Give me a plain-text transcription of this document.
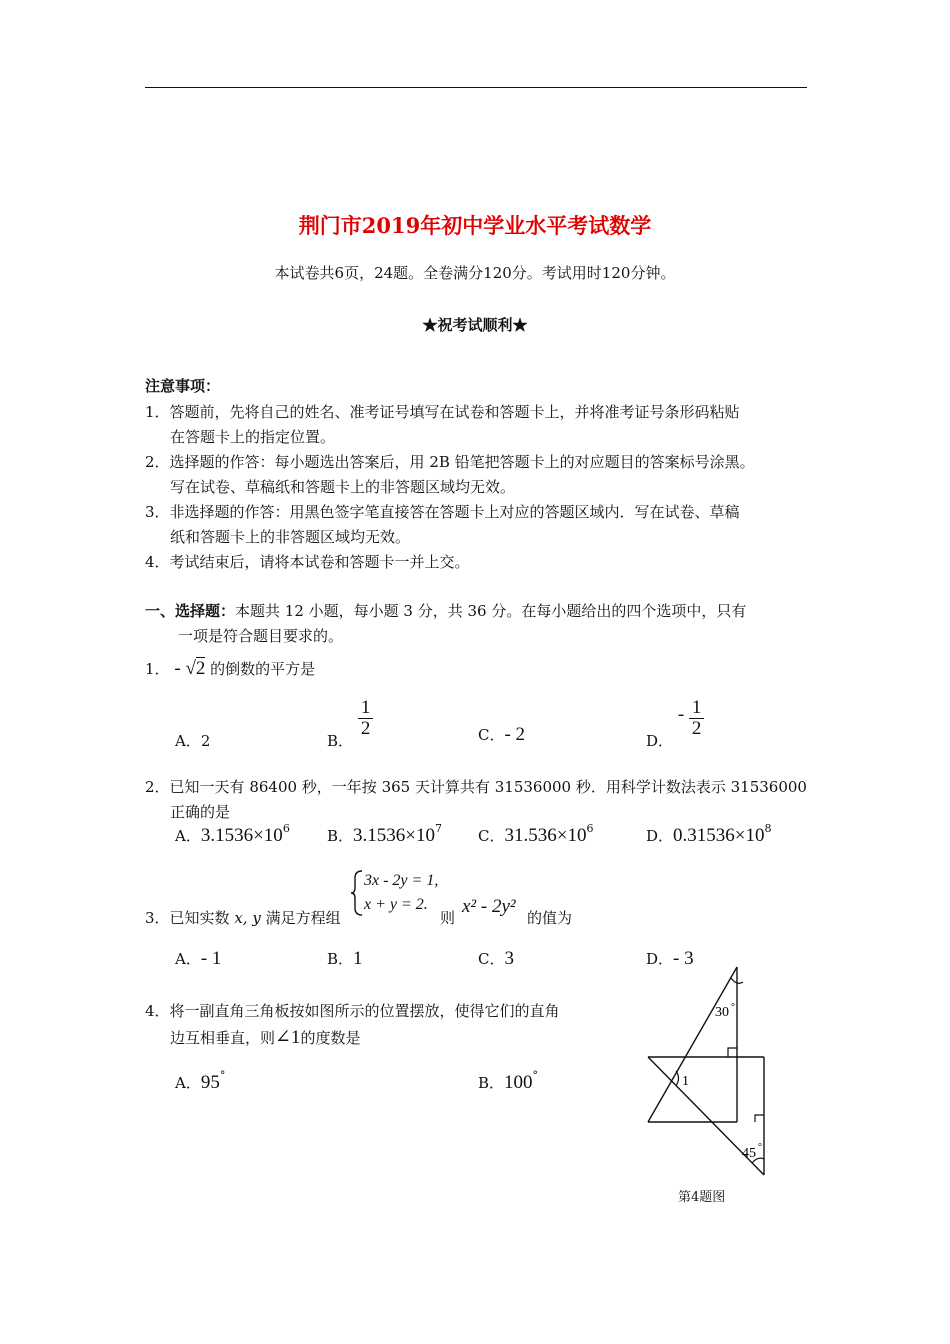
荆门市2019年初中学业水平考试数学
本试卷共6页，24题。全卷满分120分。考试用时120分钟。
★祝考试顺利★
注意事项：
1．答题前，先将自己的姓名、准考证号填写在试卷和答题卡上，并将准考证号条形码粘贴
在答题卡上的指定位置。
2．选择题的作答：每小题选出答案后，用 2B 铅笔把答题卡上的对应题目的答案标号涂黑。
写在试卷、草稿纸和答题卡上的非答题区域均无效。
3．非选择题的作答：用黑色签字笔直接答在答题卡上对应的答题区域内．写在试卷、草稿
纸和答题卡上的非答题区域均无效。
4．考试结束后，请将本试卷和答题卡一并上交。
一、选择题：本题共 12 小题，每小题 3 分，共 36 分。在每小题给出的四个选项中，只有
一项是符合题目要求的。
1． - √2 的倒数的平方是
A．2	B．
$\frac{1}{2}$	C．- 2	D． - $\frac{1}{2}$
2．已知一天有 86400 秒，一年按 365 天计算共有 31536000 秒．用科学计数法表示 31536000
正确的是
A．$3.1536\times 10^6$ B．$3.1536\times 10^7$ C．$31.536\times 10^6$	D．$0.31536\times 10^8$
3．已知实数 x, y 满足方程组
3x - 2y = 1,
x + y = 2.
则
x² - 2y²
的值为
A．- 1	B．1	C．3	D．- 3
4．将一副直角三角板按如图所示的位置摆放，使得它们的直角
边互相垂直，则∠1的度数是
A．95°	B．100°
30 °
45 °
1
第4题图
